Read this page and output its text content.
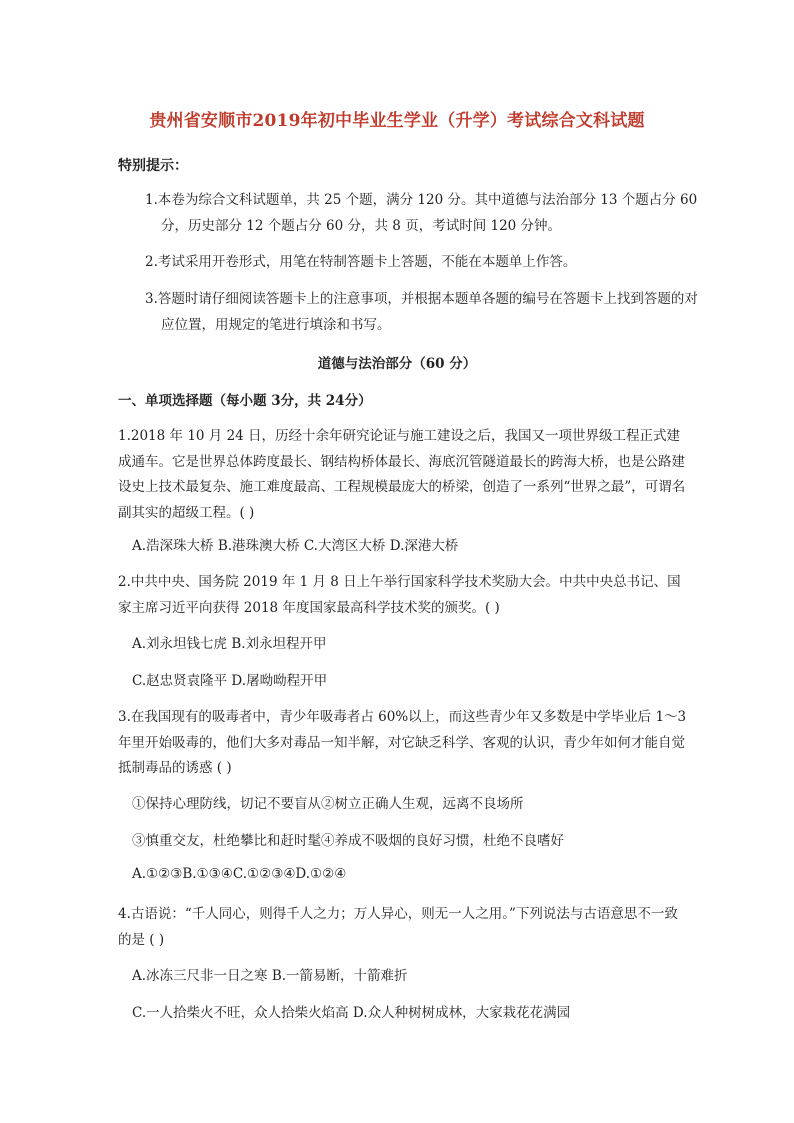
贵州省安顺市2019年初中毕业生学业（升学）考试综合文科试题
特别提示：
1.本卷为综合文科试题单，共 25 个题，满分 120 分。其中道德与法治部分 13 个题占分 60 分，历史部分 12 个题占分 60 分，共 8 页，考试时间 120 分钟。
2.考试采用开卷形式，用笔在特制答题卡上答题，不能在本题单上作答。
3.答题时请仔细阅读答题卡上的注意事项，并根据本题单各题的编号在答题卡上找到答题的对应位置，用规定的笔进行填涂和书写。
道德与法治部分（60 分）
一、单项选择题（每小题 3分，共 24分）
1.2018 年 10 月 24 日，历经十余年研究论证与施工建设之后，我国又一项世界级工程正式建成通车。它是世界总体跨度最长、钢结构桥体最长、海底沉管隧道最长的跨海大桥，也是公路建设史上技术最复杂、施工难度最高、工程规模最庞大的桥梁，创造了一系列“世界之最”，可谓名副其实的超级工程。( )
A.浩深珠大桥 B.港珠澳大桥 C.大湾区大桥 D.深港大桥
2.中共中央、国务院 2019 年 1 月 8 日上午举行国家科学技术奖励大会。中共中央总书记、国家主席习近平向获得 2018 年度国家最高科学技术奖的颁奖。( )
A.刘永坦钱七虎 B.刘永坦程开甲
C.赵忠贤袁隆平 D.屠呦呦程开甲
3.在我国现有的吸毒者中，青少年吸毒者占 60%以上，而这些青少年又多数是中学毕业后 1～3 年里开始吸毒的，他们大多对毒品一知半解，对它缺乏科学、客观的认识，青少年如何才能自觉抵制毒品的诱惑 ( )
①保持心理防线，切记不要盲从②树立正确人生观，远离不良场所
③慎重交友，杜绝攀比和赶时髦④养成不吸烟的良好习惯，杜绝不良嗜好
A.①②③B.①③④C.①②③④D.①②④
4.古语说：“千人同心，则得千人之力；万人异心，则无一人之用。”下列说法与古语意思不一致的是 ( )
A.冰冻三尺非一日之寒 B.一箭易断，十箭难折
C.一人拾柴火不旺，众人拾柴火焰高 D.众人种树树成林，大家栽花花满园
